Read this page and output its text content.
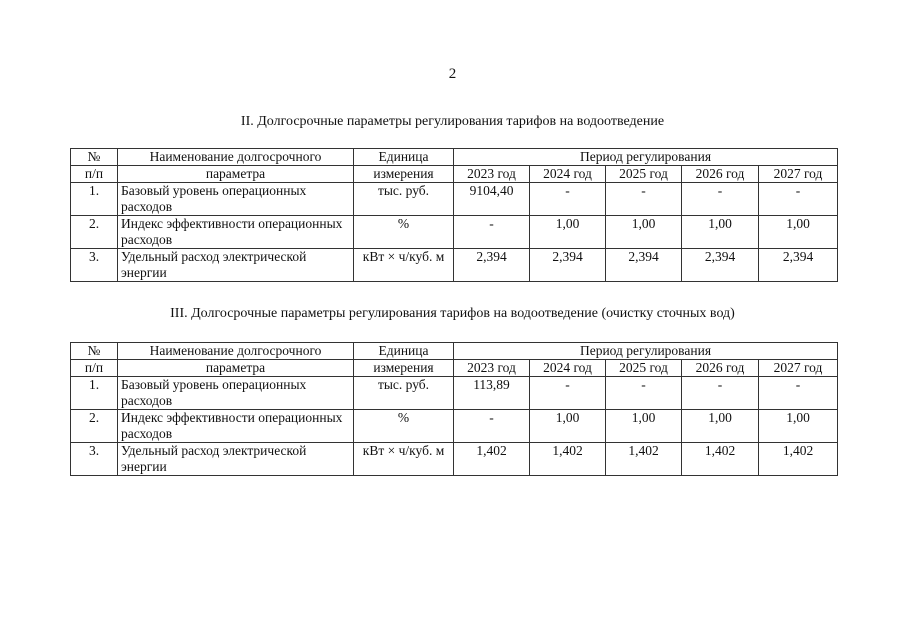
2
II. Долгосрочные параметры регулирования тарифов на водоотведение
№	Наименование долгосрочного	Единица	Период регулирования				
п/п	параметра	измерения	2023 год	2024 год	2025 год	2026 год	2027 год
1.	Базовый уровень операционных расходов	тыс. руб.	9104,40	-	-	-	-
2.	Индекс эффективности операционных расходов	%	-	1,00	1,00	1,00	1,00
3.	Удельный расход электрической энергии	кВт × ч/куб. м	2,394	2,394	2,394	2,394	2,394
III. Долгосрочные параметры регулирования тарифов на водоотведение (очистку сточных вод)
№	Наименование долгосрочного	Единица	Период регулирования				
п/п	параметра	измерения	2023 год	2024 год	2025 год	2026 год	2027 год
1.	Базовый уровень операционных расходов	тыс. руб.	113,89	-	-	-	-
2.	Индекс эффективности операционных расходов	%	-	1,00	1,00	1,00	1,00
3.	Удельный расход электрической энергии	кВт × ч/куб. м	1,402	1,402	1,402	1,402	1,402
